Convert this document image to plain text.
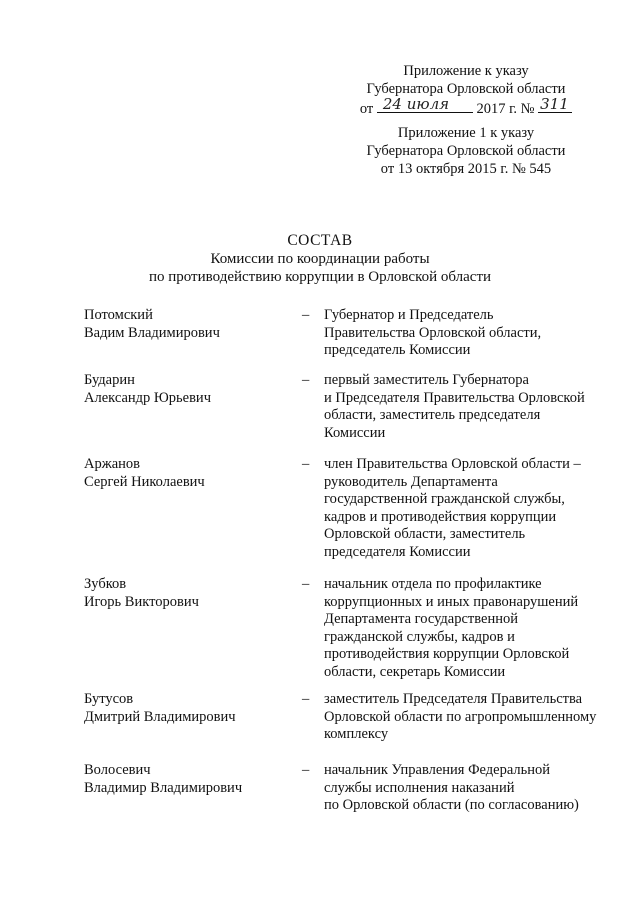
Приложение к указу
Губернатора Орловской области
от 24 июля 2017 г. № 311
Приложение 1 к указу
Губернатора Орловской области
от 13 октября 2015 г. № 545
СОСТАВ
Комиссии по координации работы
по противодействию коррупции в Орловской области
Потомский
Вадим Владимирович
– Губернатор и Председатель
Правительства Орловской области,
председатель Комиссии
Бударин
Александр Юрьевич
– первый заместитель Губернатора
и Председателя Правительства Орловской
области, заместитель председателя
Комиссии
Аржанов
Сергей Николаевич
– член Правительства Орловской области –
руководитель Департамента
государственной гражданской службы,
кадров и противодействия коррупции
Орловской области, заместитель
председателя Комиссии
Зубков
Игорь Викторович
– начальник отдела по профилактике
коррупционных и иных правонарушений
Департамента государственной
гражданской службы, кадров и
противодействия коррупции Орловской
области, секретарь Комиссии
Бутусов
Дмитрий Владимирович
– заместитель Председателя Правительства
Орловской области по агропромышленному
комплексу
Волосевич
Владимир Владимирович
– начальник Управления Федеральной
службы исполнения наказаний
по Орловской области (по согласованию)
